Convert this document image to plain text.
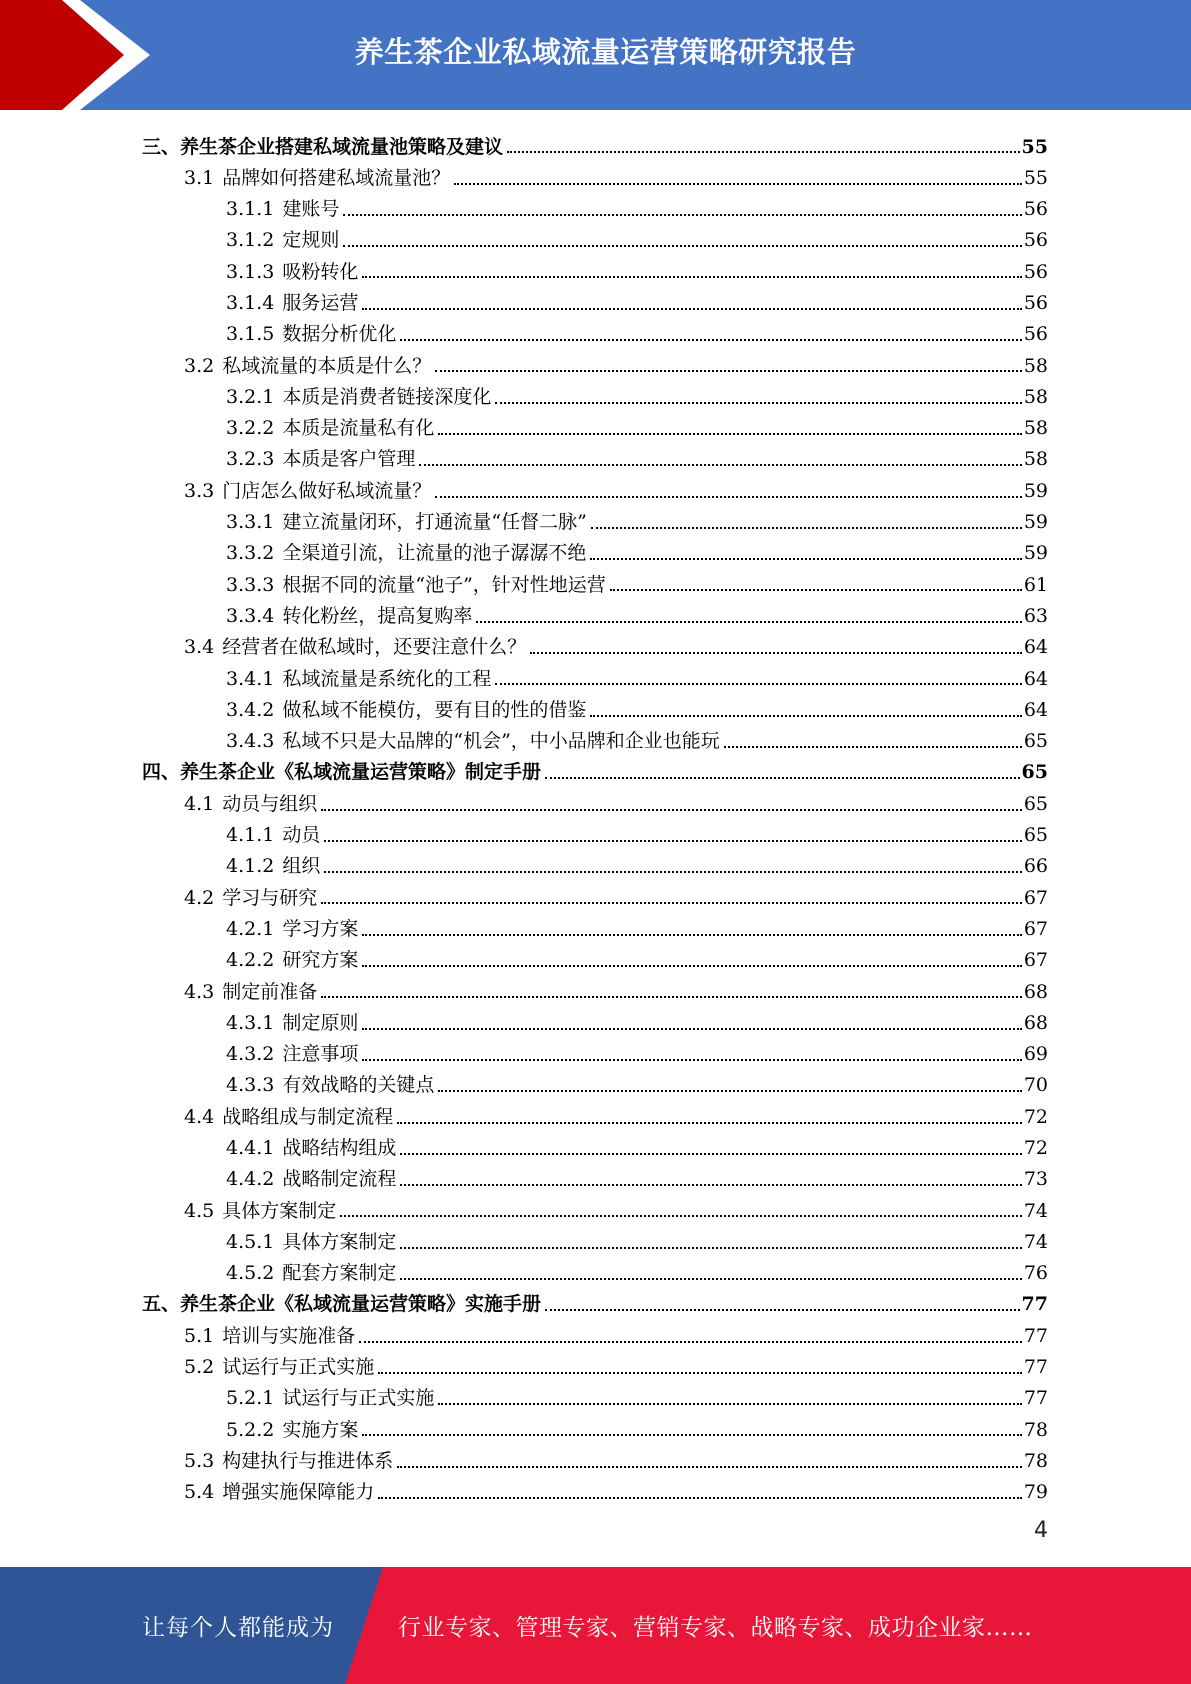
养生茶企业私域流量运营策略研究报告
三、养生茶企业搭建私域流量池策略及建议	55
3.1 品牌如何搭建私域流量池？	55
3.1.1 建账号	56
3.1.2 定规则	56
3.1.3 吸粉转化	56
3.1.4 服务运营	56
3.1.5 数据分析优化	56
3.2 私域流量的本质是什么？	58
3.2.1 本质是消费者链接深度化	58
3.2.2 本质是流量私有化	58
3.2.3 本质是客户管理	58
3.3 门店怎么做好私域流量？	59
3.3.1 建立流量闭环，打通流量“任督二脉”	59
3.3.2 全渠道引流，让流量的池子潺潺不绝	59
3.3.3 根据不同的流量“池子”，针对性地运营	61
3.3.4 转化粉丝，提高复购率	63
3.4 经营者在做私域时，还要注意什么？	64
3.4.1 私域流量是系统化的工程	64
3.4.2 做私域不能模仿，要有目的性的借鉴	64
3.4.3 私域不只是大品牌的“机会”，中小品牌和企业也能玩	65
四、养生茶企业《私域流量运营策略》制定手册	65
4.1 动员与组织	65
4.1.1 动员	65
4.1.2 组织	66
4.2 学习与研究	67
4.2.1 学习方案	67
4.2.2 研究方案	67
4.3 制定前准备	68
4.3.1 制定原则	68
4.3.2 注意事项	69
4.3.3 有效战略的关键点	70
4.4 战略组成与制定流程	72
4.4.1 战略结构组成	72
4.4.2 战略制定流程	73
4.5 具体方案制定	74
4.5.1 具体方案制定	74
4.5.2 配套方案制定	76
五、养生茶企业《私域流量运营策略》实施手册	77
5.1 培训与实施准备	77
5.2 试运行与正式实施	77
5.2.1 试运行与正式实施	77
5.2.2 实施方案	78
5.3 构建执行与推进体系	78
5.4 增强实施保障能力	79
4
让每个人都能成为	行业专家、管理专家、营销专家、战略专家、成功企业家……
